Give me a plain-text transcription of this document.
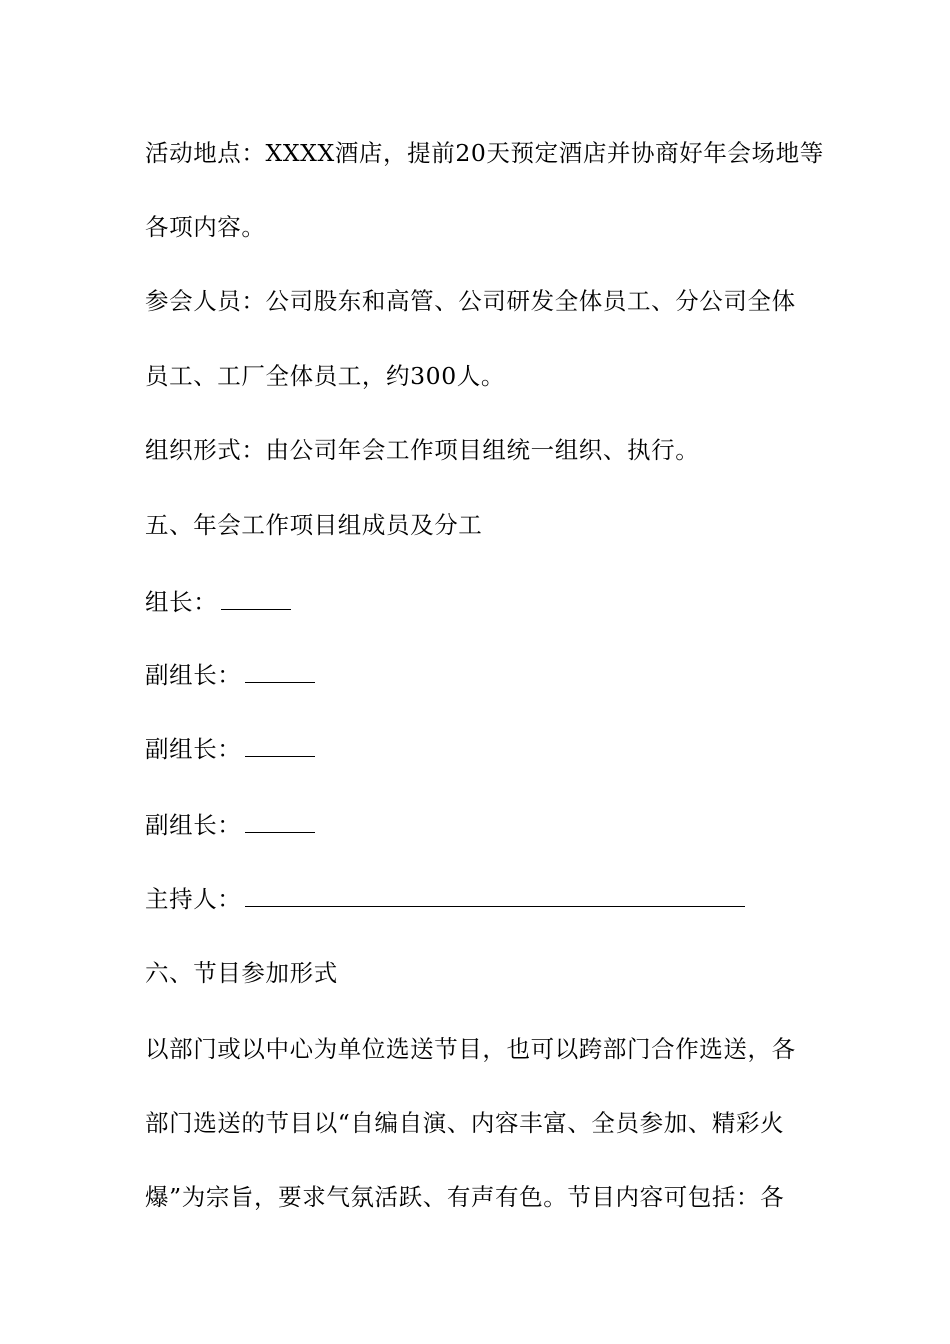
活动地点：XXXX酒店，提前20天预定酒店并协商好年会场地等
各项内容。
参会人员：公司股东和高管、公司研发全体员工、分公司全体
员工、工厂全体员工，约300人。
组织形式：由公司年会工作项目组统一组织、执行。
五、年会工作项目组成员及分工
组长：
副组长：
副组长：
副组长：
主持人：
六、节目参加形式
以部门或以中心为单位选送节目，也可以跨部门合作选送，各
部门选送的节目以“自编自演、内容丰富、全员参加、精彩火
爆”为宗旨，要求气氛活跃、有声有色。节目内容可包括：各
